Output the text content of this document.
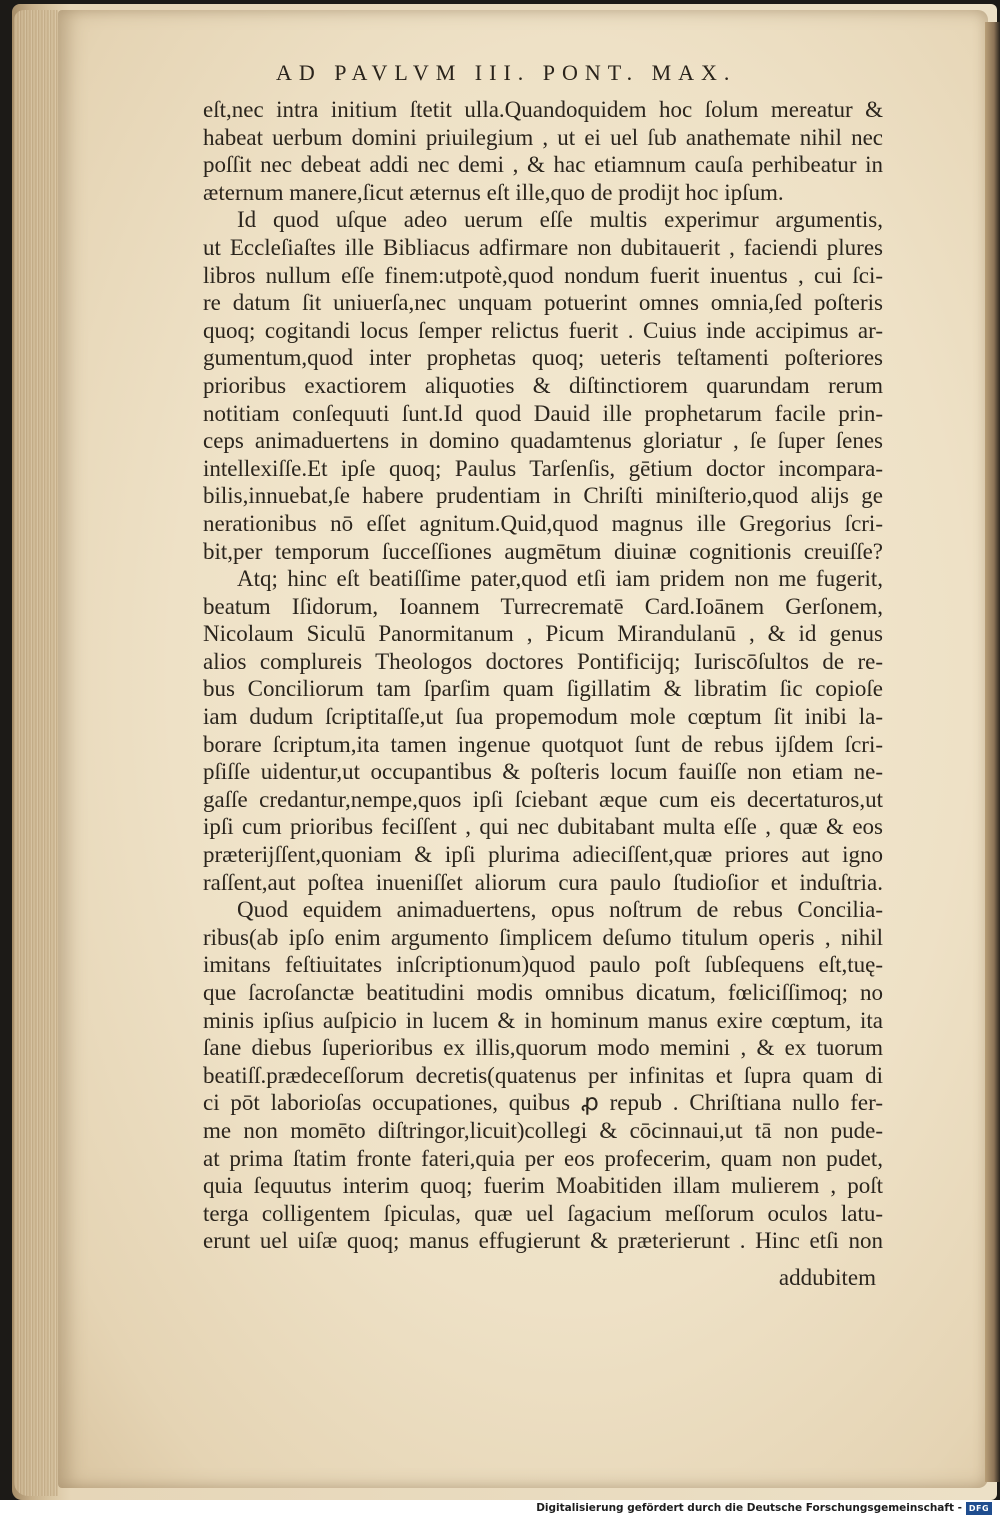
AD PAVLVM III. PONT. MAX.
eſt,nec intra initium ſtetit ulla.Quandoquidem hoc ſolum mereatur &
habeat uerbum domini priuilegium , ut ei uel ſub anathemate nihil nec
poſſit nec debeat addi nec demi , & hac etiamnum cauſa perhibeatur in
æternum manere,ſicut æternus eſt ille,quo de prodijt hoc ipſum.
Id quod uſque adeo uerum eſſe multis experimur argumentis,
ut Eccleſiaſtes ille Bibliacus adfirmare non dubitauerit , faciendi plures
libros nullum eſſe finem:utpotè,quod nondum fuerit inuentus , cui ſci-
re datum ſit uniuerſa,nec unquam potuerint omnes omnia,ſed poſteris
quoq; cogitandi locus ſemper relictus fuerit . Cuius inde accipimus ar-
gumentum,quod inter prophetas quoq; ueteris teſtamenti poſteriores
prioribus exactiorem aliquoties & diſtinctiorem quarundam rerum
notitiam conſequuti ſunt.Id quod Dauid ille prophetarum facile prin-
ceps animaduertens in domino quadamtenus gloriatur , ſe ſuper ſenes
intellexiſſe.Et ipſe quoq; Paulus Tarſenſis, gētium doctor incompara-
bilis,innuebat,ſe habere prudentiam in Chriſti miniſterio,quod alijs ge
nerationibus nō eſſet agnitum.Quid,quod magnus ille Gregorius ſcri-
bit,per temporum ſucceſſiones augmētum diuinæ cognitionis creuiſſe?
Atq; hinc eſt beatiſſime pater,quod etſi iam pridem non me fugerit,
beatum Iſidorum, Ioannem Turrecrematē Card.Ioānem Gerſonem,
Nicolaum Siculū Panormitanum , Picum Mirandulanū , & id genus
alios complureis Theologos doctores Pontificijq; Iuriscōſultos de re-
bus Conciliorum tam ſparſim quam ſigillatim & libratim ſic copioſe
iam dudum ſcriptitaſſe,ut ſua propemodum mole cœptum ſit inibi la-
borare ſcriptum,ita tamen ingenue quotquot ſunt de rebus ijſdem ſcri-
pſiſſe uidentur,ut occupantibus & poſteris locum fauiſſe non etiam ne-
gaſſe credantur,nempe,quos ipſi ſciebant æque cum eis decertaturos,ut
ipſi cum prioribus feciſſent , qui nec dubitabant multa eſſe , quæ & eos
præterijſſent,quoniam & ipſi plurima adieciſſent,quæ priores aut igno
raſſent,aut poſtea inueniſſet aliorum cura paulo ſtudioſior et induſtria.
Quod equidem animaduertens, opus noſtrum de rebus Concilia-
ribus(ab ipſo enim argumento ſimplicem deſumo titulum operis , nihil
imitans feſtiuitates inſcriptionum)quod paulo poſt ſubſequens eſt,tuę-
que ſacroſanctæ beatitudini modis omnibus dicatum, fœliciſſimoq; no
minis ipſius auſpicio in lucem & in hominum manus exire cœptum, ita
ſane diebus ſuperioribus ex illis,quorum modo memini , & ex tuorum
beatiſſ.prædeceſſorum decretis(quatenus per infinitas et ſupra quam di
ci pōt laborioſas occupationes, quibus ꝓ repub . Chriſtiana nullo fer-
me non momēto diſtringor,licuit)collegi & cōcinnaui,ut tā non pude-
at prima ſtatim fronte fateri,quia per eos profecerim, quam non pudet,
quia ſequutus interim quoq; fuerim Moabitiden illam mulierem , poſt
terga colligentem ſpiculas, quæ uel ſagacium meſſorum oculos latu-
erunt uel uiſæ quoq; manus effugierunt & præterierunt . Hinc etſi non
addubitem
Digitalisierung gefördert durch die Deutsche Forschungsgemeinschaft - DFG
